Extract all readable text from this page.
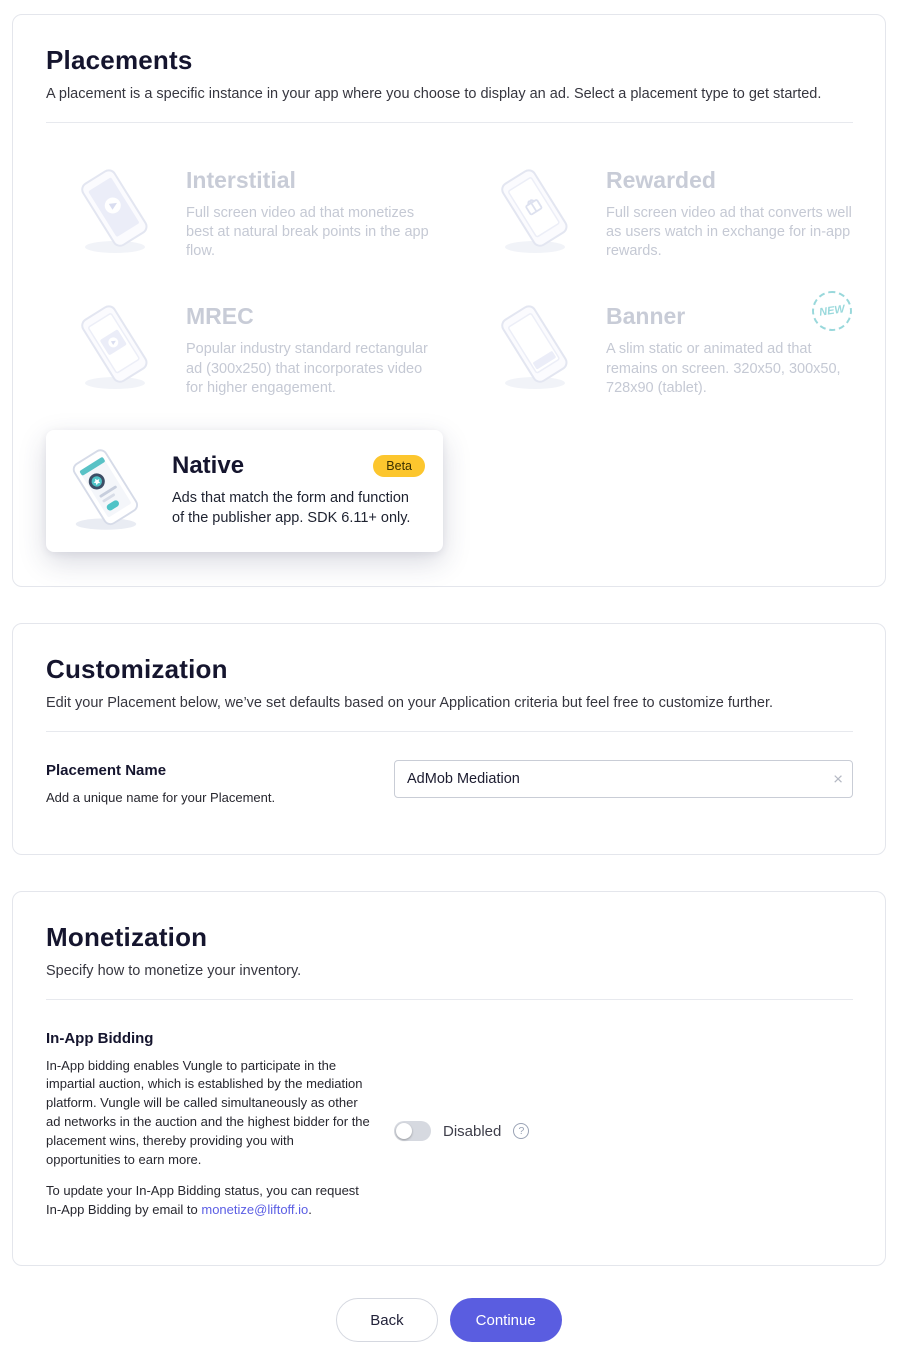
Placements

A placement is a specific instance in your app where you choose to display an ad. Select a placement type to get started.

Interstitial

Full screen video ad that monetizes best at natural break points in the app flow.

Rewarded

Full screen video ad that converts well as users watch in exchange for in-app rewards.

MREC

Popular industry standard rectangular ad (300x250) that incorporates video for higher engagement.

Banner

A slim static or animated ad that remains on screen. 320x50, 300x50, 728x90 (tablet).

NEW
Native	Beta

Ads that match the form and function of the publisher app. SDK 6.11+ only.

Customization

Edit your Placement below, we’ve set defaults based on your Application criteria but feel free to customize further.

Placement Name

Add a unique name for your Placement.

AdMob Mediation
×
Monetization

Specify how to monetize your inventory.

In-App Bidding

In-App bidding enables Vungle to participate in the impartial auction, which is established by the mediation platform. Vungle will be called simultaneously as other ad networks in the auction and the highest bidder for the placement wins, thereby providing you with opportunities to earn more.

To update your In-App Bidding status, you can request In-App Bidding by email to monetize@liftoff.io.

Disabled	?
Back	Continue
